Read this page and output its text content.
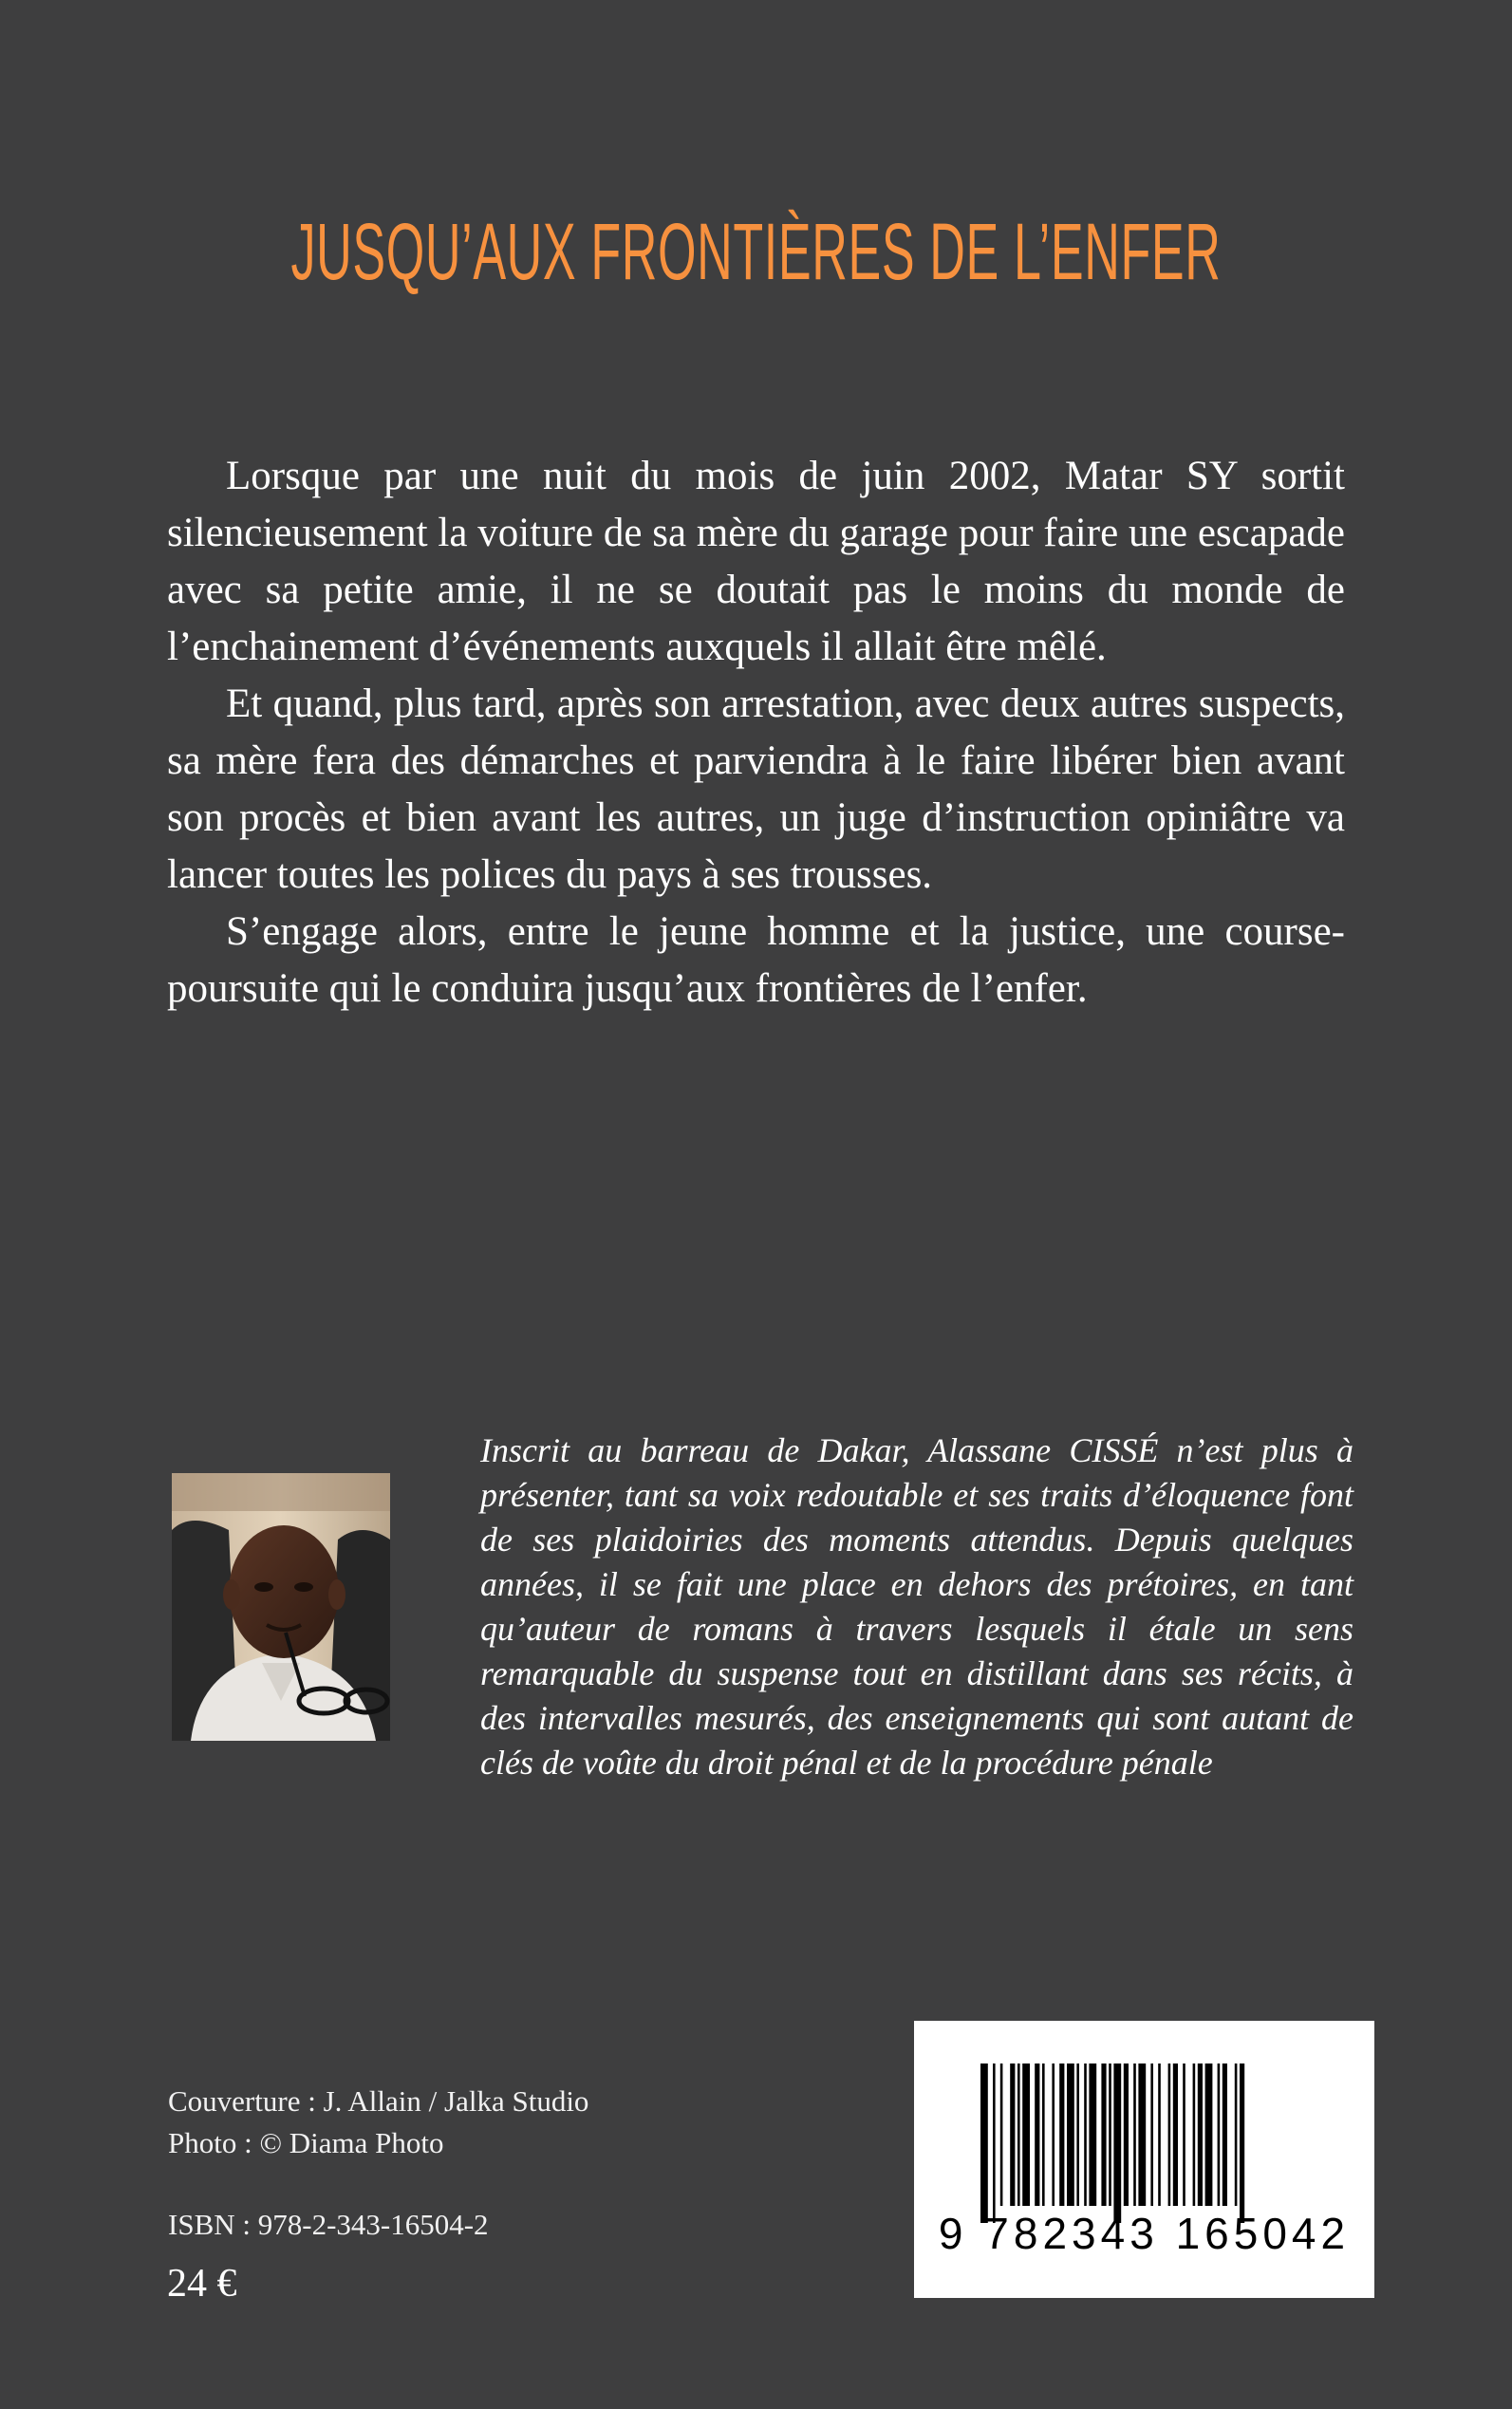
JUSQU’AUX FRONTIÈRES DE L’ENFER

Lorsque par une nuit du mois de juin 2002, Matar SY sortit silencieusement la voiture de sa mère du garage pour faire une escapade avec sa petite amie, il ne se doutait pas le moins du monde de l’enchainement d’événements auxquels il allait être mêlé.

Et quand, plus tard, après son arrestation, avec deux autres suspects, sa mère fera des démarches et parviendra à le faire libérer bien avant son procès et bien avant les autres, un juge d’instruction opiniâtre va lancer toutes les polices du pays à ses trousses.

S’engage alors, entre le jeune homme et la justice, une course-poursuite qui le conduira jusqu’aux frontières de l’enfer.

Inscrit au barreau de Dakar, Alassane CISSÉ n’est plus à présenter, tant sa voix redoutable et ses traits d’éloquence font de ses plaidoiries des moments attendus. Depuis quelques années, il se fait une place en dehors des prétoires, en tant qu’auteur de romans à travers lesquels il étale un sens remarquable du suspense tout en distillant dans ses récits, à des intervalles mesurés, des enseignements qui sont autant de clés de voûte du droit pénal et de la procédure pénale
Couverture : J. Allain / Jalka Studio
Photo : © Diama Photo
ISBN : 978-2-343-16504-2
24 €
9 782343 165042
